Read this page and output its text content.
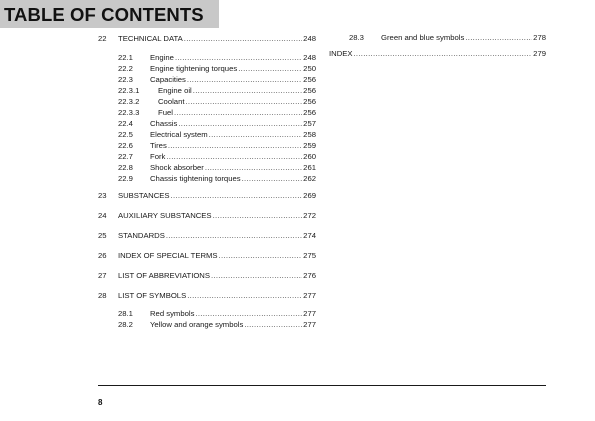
TABLE OF CONTENTS
22	TECHNICAL DATA .....	248
22.1	Engine .....	248
22.2	Engine tightening torques .....	250
22.3	Capacities .....	256
22.3.1	Engine oil .....	256
22.3.2	Coolant .....	256
22.3.3	Fuel .....	256
22.4	Chassis .....	257
22.5	Electrical system .....	258
22.6	Tires .....	259
22.7	Fork .....	260
22.8	Shock absorber .....	261
22.9	Chassis tightening torques .....	262
23	SUBSTANCES .....	269
24	AUXILIARY SUBSTANCES .....	272
25	STANDARDS .....	274
26	INDEX OF SPECIAL TERMS .....	275
27	LIST OF ABBREVIATIONS .....	276
28	LIST OF SYMBOLS .....	277
28.1	Red symbols .....	277
28.2	Yellow and orange symbols .....	277
28.3	Green and blue symbols .....	278
INDEX .....	279
8
